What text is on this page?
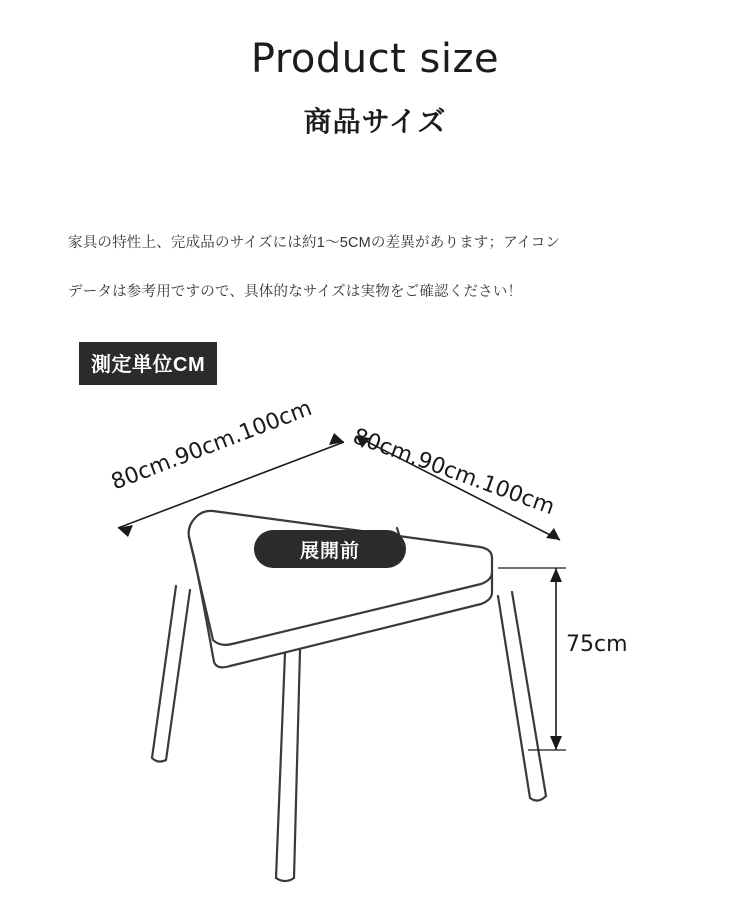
Product size
商品サイズ
家具の特性上、完成品のサイズには約1～5CMの差異があります；アイコン
データは参考用ですので、具体的なサイズは実物をご確認ください！
測定単位CM
80cm.90cm.100cm 80cm.90cm.100cm
75cm
展開前
